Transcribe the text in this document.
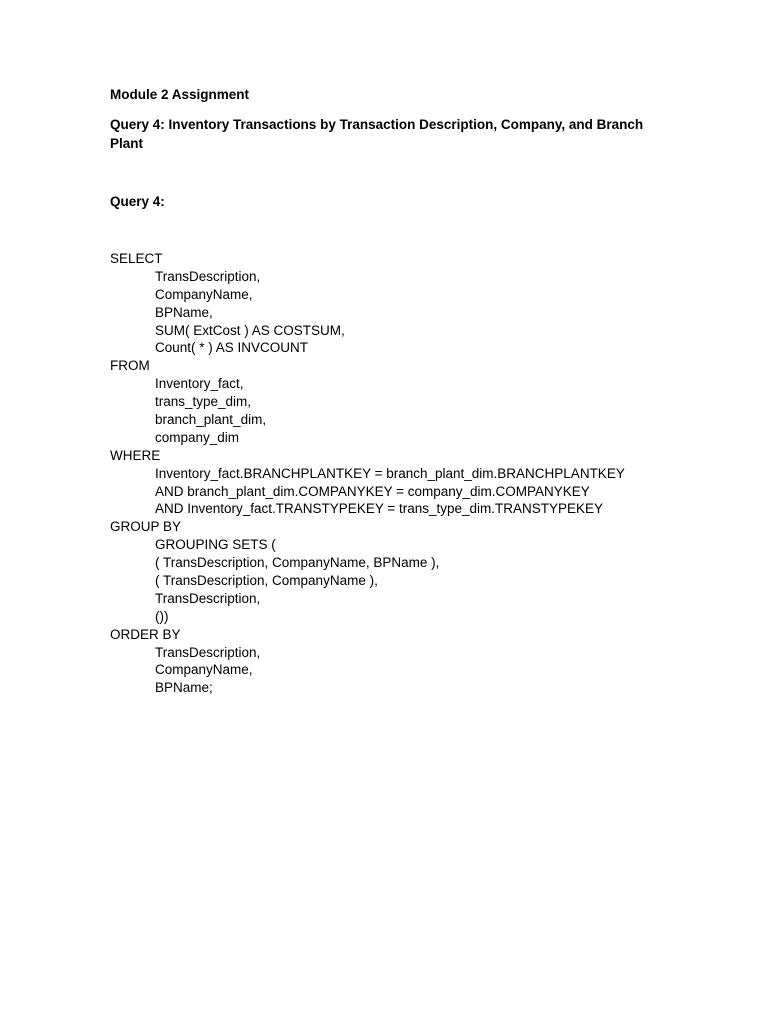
Module 2 Assignment
Query 4: Inventory Transactions by Transaction Description, Company, and Branch Plant
Query 4:
SELECT
TransDescription,
CompanyName,
BPName,
SUM( ExtCost ) AS COSTSUM,
Count( * ) AS INVCOUNT
FROM
Inventory_fact,
trans_type_dim,
branch_plant_dim,
company_dim
WHERE
Inventory_fact.BRANCHPLANTKEY = branch_plant_dim.BRANCHPLANTKEY
AND branch_plant_dim.COMPANYKEY = company_dim.COMPANYKEY
AND Inventory_fact.TRANSTYPEKEY = trans_type_dim.TRANSTYPEKEY
GROUP BY
GROUPING SETS (
( TransDescription, CompanyName, BPName ),
( TransDescription, CompanyName ),
TransDescription,
())
ORDER BY
TransDescription,
CompanyName,
BPName;
